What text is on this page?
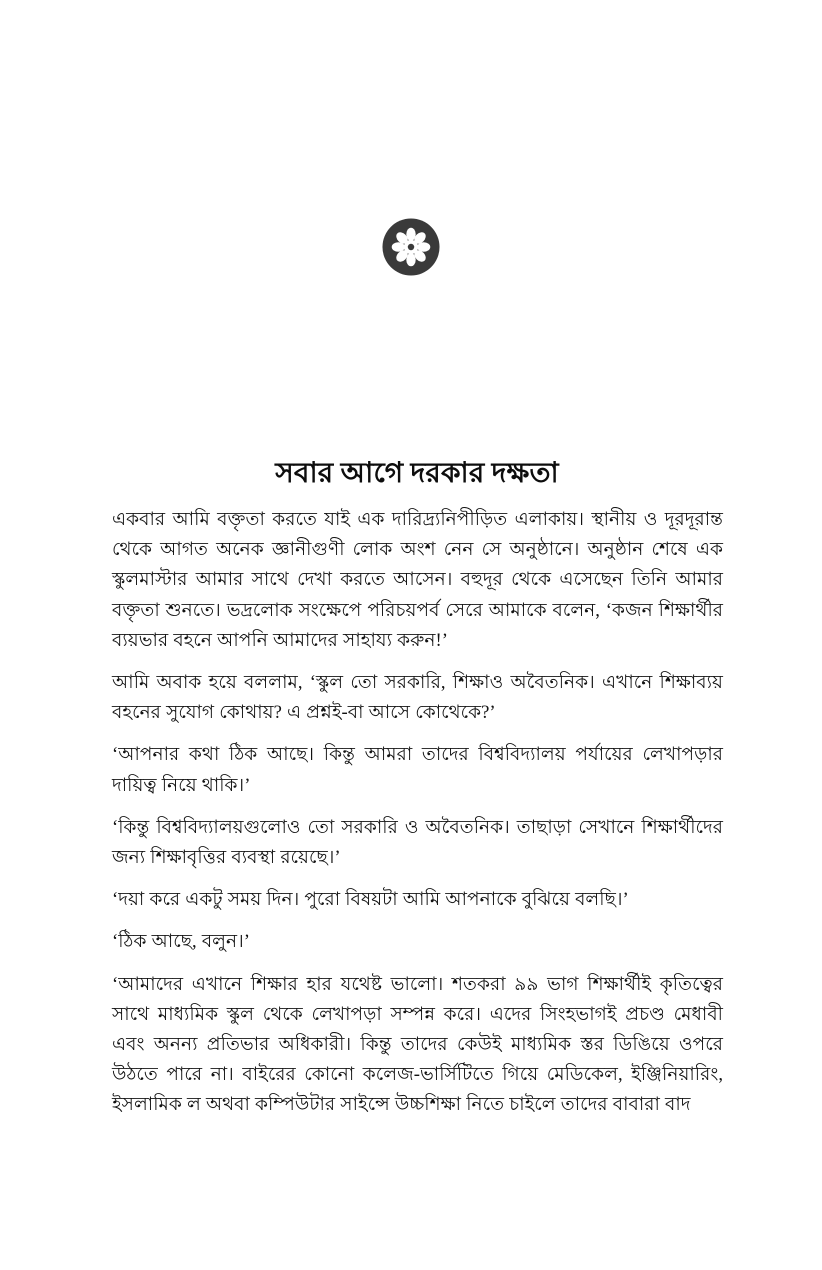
সবার আগে দরকার দক্ষতা

একবার আমি বক্তৃতা করতে যাই এক দারিদ্র্যনিপীড়িত এলাকায়। স্থানীয় ও দূরদূরান্ত থেকে আগত অনেক জ্ঞানীগুণী লোক অংশ নেন সে অনুষ্ঠানে। অনুষ্ঠান শেষে এক স্কুলমাস্টার আমার সাথে দেখা করতে আসেন। বহুদূর থেকে এসেছেন তিনি আমার বক্তৃতা শুনতে। ভদ্রলোক সংক্ষেপে পরিচয়পর্ব সেরে আমাকে বলেন, ‘কজন শিক্ষার্থীর ব্যয়ভার বহনে আপনি আমাদের সাহায্য করুন!’

আমি অবাক হয়ে বললাম, ‘স্কুল তো সরকারি, শিক্ষাও অবৈতনিক। এখানে শিক্ষাব্যয় বহনের সুযোগ কোথায়? এ প্রশ্নই-বা আসে কোথেকে?’

‘আপনার কথা ঠিক আছে। কিন্তু আমরা তাদের বিশ্ববিদ্যালয় পর্যায়ের লেখাপড়ার দায়িত্ব নিয়ে থাকি।’

‘কিন্তু বিশ্ববিদ্যালয়গুলোও তো সরকারি ও অবৈতনিক। তাছাড়া সেখানে শিক্ষার্থীদের জন্য শিক্ষাবৃত্তির ব্যবস্থা রয়েছে।’

‘দয়া করে একটু সময় দিন। পুরো বিষয়টা আমি আপনাকে বুঝিয়ে বলছি।’

‘ঠিক আছে, বলুন।’

‘আমাদের এখানে শিক্ষার হার যথেষ্ট ভালো। শতকরা ৯৯ ভাগ শিক্ষার্থীই কৃতিত্বের সাথে মাধ্যমিক স্কুল থেকে লেখাপড়া সম্পন্ন করে। এদের সিংহভাগই প্রচণ্ড মেধাবী এবং অনন্য প্রতিভার অধিকারী। কিন্তু তাদের কেউই মাধ্যমিক স্তর ডিঙিয়ে ওপরে উঠতে পারে না। বাইরের কোনো কলেজ-ভার্সিটিতে গিয়ে মেডিকেল, ইঞ্জিনিয়ারিং, ইসলামিক ল অথবা কম্পিউটার সাইন্সে উচ্চশিক্ষা নিতে চাইলে তাদের বাবারা বাদ
